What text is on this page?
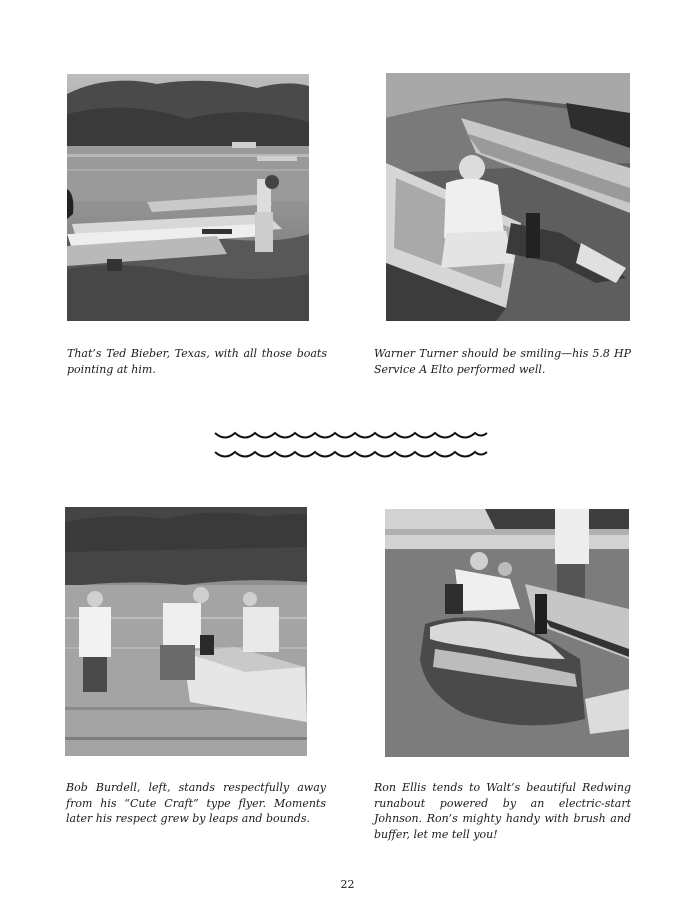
That’s Ted Bieber, Texas, with all those boats pointing at him.

Warner Turner should be smiling—his 5.8 HP Service A Elto performed well.

Bob Burdell, left, stands respectfully away from his “Cute Craft” type flyer. Moments later his respect grew by leaps and bounds.

Ron Ellis tends to Walt’s beautiful Redwing runabout powered by an electric-start Johnson. Ron’s mighty handy with brush and buffer, let me tell you!

22
